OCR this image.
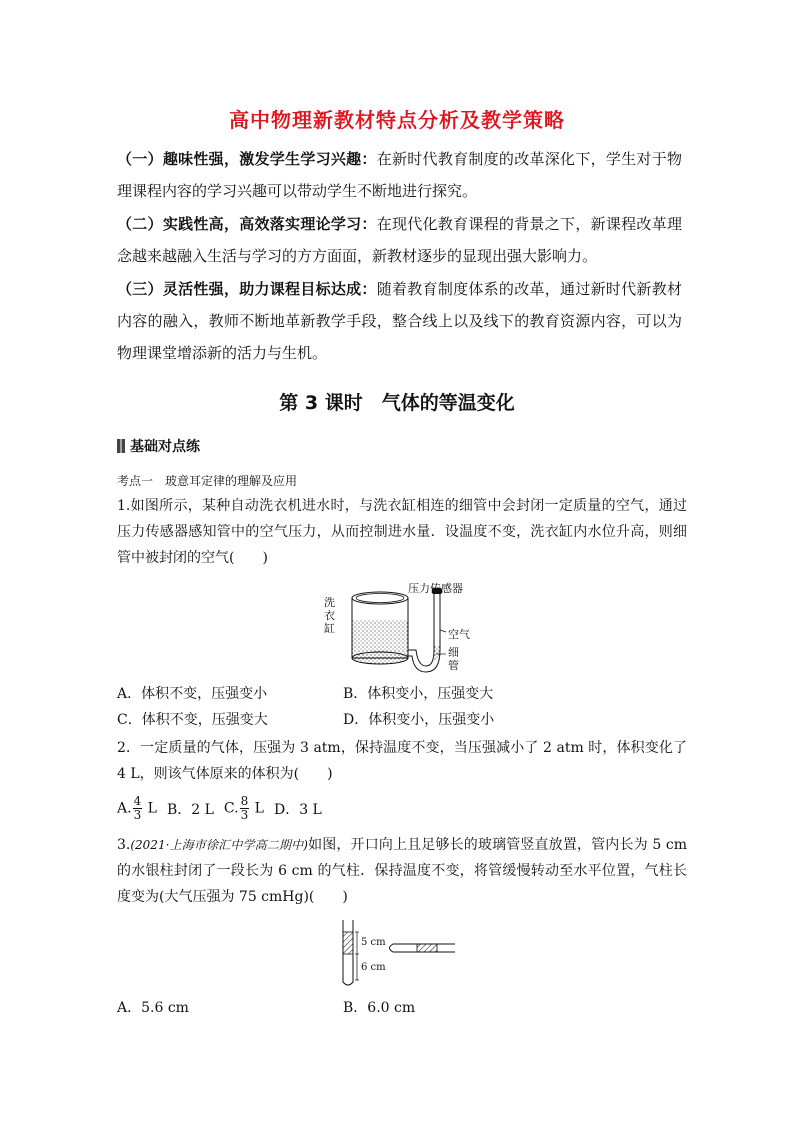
高中物理新教材特点分析及教学策略
（一）趣味性强，激发学生学习兴趣：在新时代教育制度的改革深化下，学生对于物理课程内容的学习兴趣可以带动学生不断地进行探究。
（二）实践性高，高效落实理论学习：在现代化教育课程的背景之下，新课程改革理念越来越融入生活与学习的方方面面，新教材逐步的显现出强大影响力。
（三）灵活性强，助力课程目标达成：随着教育制度体系的改革，通过新时代新教材内容的融入，教师不断地革新教学手段，整合线上以及线下的教育资源内容，可以为物理课堂增添新的活力与生机。
第 3 课时　气体的等温变化
基础对点练
考点一　玻意耳定律的理解及应用
1.如图所示，某种自动洗衣机进水时，与洗衣缸相连的细管中会封闭一定质量的空气，通过压力传感器感知管中的空气压力，从而控制进水量．设温度不变，洗衣缸内水位升高，则细管中被封闭的空气(　　)
压力传感器
洗
衣
缸	空气
细
管
A．体积不变，压强变小	B．体积变小，压强变大
C．体积不变，压强变大	D．体积变小，压强变小
2．一定质量的气体，压强为 3 atm，保持温度不变，当压强减小了 2 atm 时，体积变化了 4 L，则该气体原来的体积为(　　)
A. $\frac{4}{3}$ L B．2 L C. $\frac{8}{3}$ L D．3 L
3.(2021·上海市徐汇中学高二期中)如图，开口向上且足够长的玻璃管竖直放置，管内长为 5 cm的水银柱封闭了一段长为 6 cm 的气柱．保持温度不变，将管缓慢转动至水平位置，气柱长度变为(大气压强为 75 cmHg)(　　)
5 cm
6 cm
A．5.6 cm	B．6.0 cm
